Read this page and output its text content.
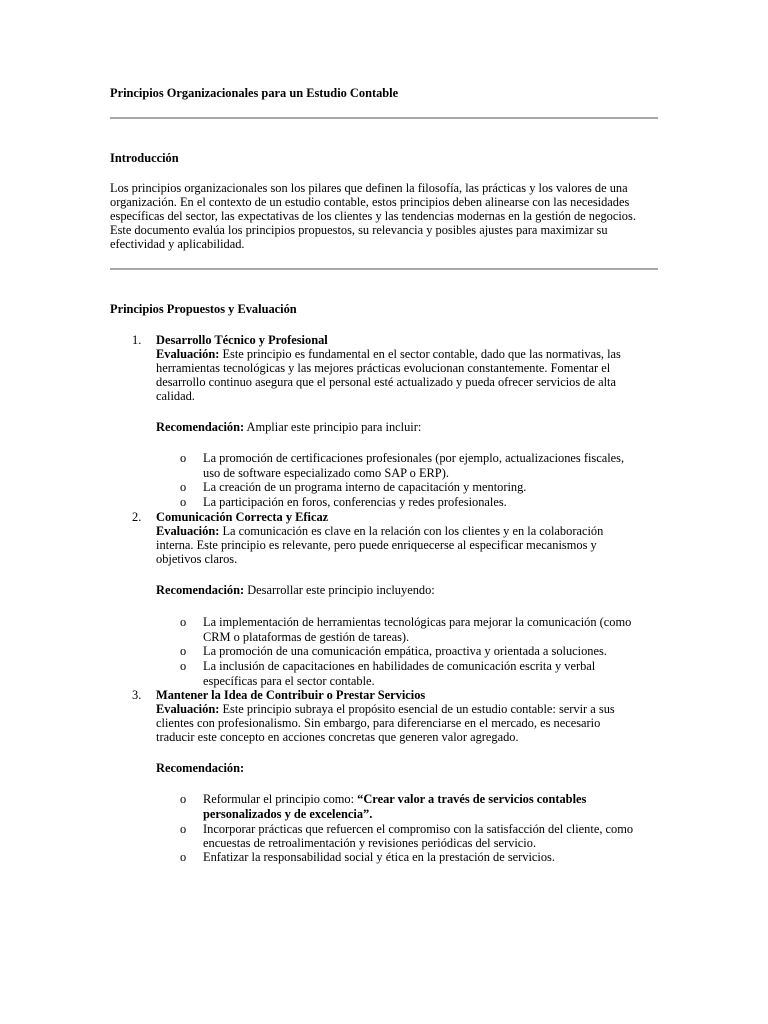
Principios Organizacionales para un Estudio Contable
Introducción
Los principios organizacionales son los pilares que definen la filosofía, las prácticas y los valores de una
organización. En el contexto de un estudio contable, estos principios deben alinearse con las necesidades
específicas del sector, las expectativas de los clientes y las tendencias modernas en la gestión de negocios.
Este documento evalúa los principios propuestos, su relevancia y posibles ajustes para maximizar su
efectividad y aplicabilidad.
Principios Propuestos y Evaluación
1. Desarrollo Técnico y Profesional
Evaluación: Este principio es fundamental en el sector contable, dado que las normativas, las
herramientas tecnológicas y las mejores prácticas evolucionan constantemente. Fomentar el
desarrollo continuo asegura que el personal esté actualizado y pueda ofrecer servicios de alta
calidad.
Recomendación: Ampliar este principio para incluir:
o La promoción de certificaciones profesionales (por ejemplo, actualizaciones fiscales,
uso de software especializado como SAP o ERP).
o La creación de un programa interno de capacitación y mentoring.
o La participación en foros, conferencias y redes profesionales.
2. Comunicación Correcta y Eficaz
Evaluación: La comunicación es clave en la relación con los clientes y en la colaboración
interna. Este principio es relevante, pero puede enriquecerse al especificar mecanismos y
objetivos claros.
Recomendación: Desarrollar este principio incluyendo:
o La implementación de herramientas tecnológicas para mejorar la comunicación (como
CRM o plataformas de gestión de tareas).
o La promoción de una comunicación empática, proactiva y orientada a soluciones.
o La inclusión de capacitaciones en habilidades de comunicación escrita y verbal
específicas para el sector contable.
3. Mantener la Idea de Contribuir o Prestar Servicios
Evaluación: Este principio subraya el propósito esencial de un estudio contable: servir a sus
clientes con profesionalismo. Sin embargo, para diferenciarse en el mercado, es necesario
traducir este concepto en acciones concretas que generen valor agregado.
Recomendación:
o Reformular el principio como: “Crear valor a través de servicios contables
personalizados y de excelencia”.
o Incorporar prácticas que refuercen el compromiso con la satisfacción del cliente, como
encuestas de retroalimentación y revisiones periódicas del servicio.
o Enfatizar la responsabilidad social y ética en la prestación de servicios.
